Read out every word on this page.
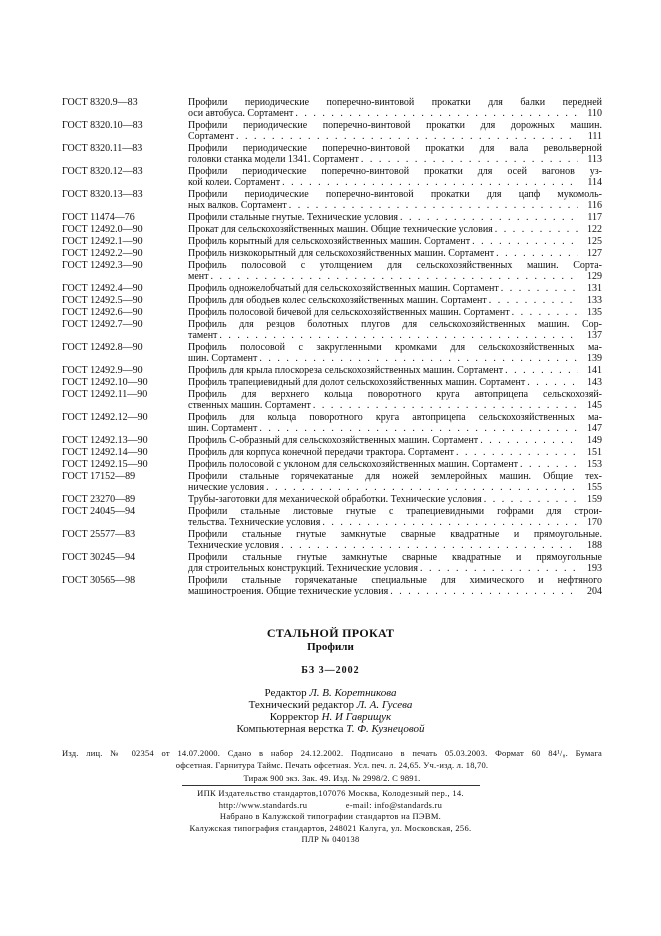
ГОСТ 8320.9—83	Профили периодические поперечно-винтовой прокатки для балки передней
оси автобуса. Сортамент . . .	110
ГОСТ 8320.10—83	Профили периодические поперечно-винтовой прокатки для дорожных машин.
Сортамент . . .	111
ГОСТ 8320.11—83	Профили периодические поперечно-винтовой прокатки для вала револьверной
головки станка модели 1341. Сортамент . . .	113
ГОСТ 8320.12—83	Профили периодические поперечно-винтовой прокатки для осей вагонов уз-
кой колеи. Сортамент . . .	114
ГОСТ 8320.13—83	Профили периодические поперечно-винтовой прокатки для цапф мукомоль-
ных валков. Сортамент . . .	116
ГОСТ 11474—76	Профили стальные гнутые. Технические условия . . .	117
ГОСТ 12492.0—90	Прокат для сельскохозяйственных машин. Общие технические условия . . .	122
ГОСТ 12492.1—90	Профиль корытный для сельскохозяйственных машин. Сортамент . . .	125
ГОСТ 12492.2—90	Профиль низкокорытный для сельскохозяйственных машин. Сортамент . . .	127
ГОСТ 12492.3—90	Профиль полосовой с утолщением для сельскохозяйственных машин. Сорта-
мент . . .	129
ГОСТ 12492.4—90	Профиль одножелобчатый для сельскохозяйственных машин. Сортамент . . .	131
ГОСТ 12492.5—90	Профиль для ободьев колес сельскохозяйственных машин. Сортамент . . .	133
ГОСТ 12492.6—90	Профиль полосовой бичевой для сельскохозяйственных машин. Сортамент . . .	135
ГОСТ 12492.7—90	Профиль для резцов болотных плугов для сельскохозяйственных машин. Сор-
тамент . . .	137
ГОСТ 12492.8—90	Профиль полосовой с закругленными кромками для сельскохозяйственных ма-
шин. Сортамент . . .	139
ГОСТ 12492.9—90	Профиль для крыла плоскореза сельскохозяйственных машин. Сортамент . . .	141
ГОСТ 12492.10—90	Профиль трапециевидный для долот сельскохозяйственных машин. Сортамент . . .	143
ГОСТ 12492.11—90	Профиль для верхнего кольца поворотного круга автоприцепа сельскохозяй-
ственных машин. Сортамент . . .	145
ГОСТ 12492.12—90	Профиль для кольца поворотного круга автоприцепа сельскохозяйственных ма-
шин. Сортамент . . .	147
ГОСТ 12492.13—90	Профиль С-образный для сельскохозяйственных машин. Сортамент . . .	149
ГОСТ 12492.14—90	Профиль для корпуса конечной передачи трактора. Сортамент . . .	151
ГОСТ 12492.15—90	Профиль полосовой с уклоном для сельскохозяйственных машин. Сортамент . . .	153
ГОСТ 17152—89	Профили стальные горячекатаные для ножей землеройных машин. Общие тех-
нические условия . . .	155
ГОСТ 23270—89	Трубы-заготовки для механической обработки. Технические условия . . .	159
ГОСТ 24045—94	Профили стальные листовые гнутые с трапециевидными гофрами для строи-
тельства. Технические условия . . .	170
ГОСТ 25577—83	Профили стальные гнутые замкнутые сварные квадратные и прямоугольные.
Технические условия . . .	188
ГОСТ 30245—94	Профили стальные гнутые замкнутые сварные квадратные и прямоугольные
для строительных конструкций. Технические условия . . .	193
ГОСТ 30565—98	Профили стальные горячекатаные специальные для химического и нефтяного
машиностроения. Общие технические условия . . .	204
СТАЛЬНОЙ ПРОКАТ
Профили
БЗ 3—2002
Редактор Л. В. Коретникова
Технический редактор Л. А. Гусева
Корректор Н. И Гаврищук
Компьютерная верстка Т. Ф. Кузнецовой
Изд. лиц. № 02354 от 14.07.2000. Сдано в набор 24.12.2002. Подписано в печать 05.03.2003. Формат 60 84¹/₈. Бумага
офсетная. Гарнитура Таймс. Печать офсетная. Усл. печ. л. 24,65. Уч.-изд. л. 18,70.
Тираж 900 экз. Зак. 49. Изд. № 2998/2. С 9891.
ИПК Издательство стандартов,107076 Москва, Колодезный пер., 14.
http://www.standards.ru	e-mail: info@standards.ru
Набрано в Калужской типографии стандартов на ПЭВМ.
Калужская типография стандартов, 248021 Калуга, ул. Московская, 256.
ПЛР № 040138
